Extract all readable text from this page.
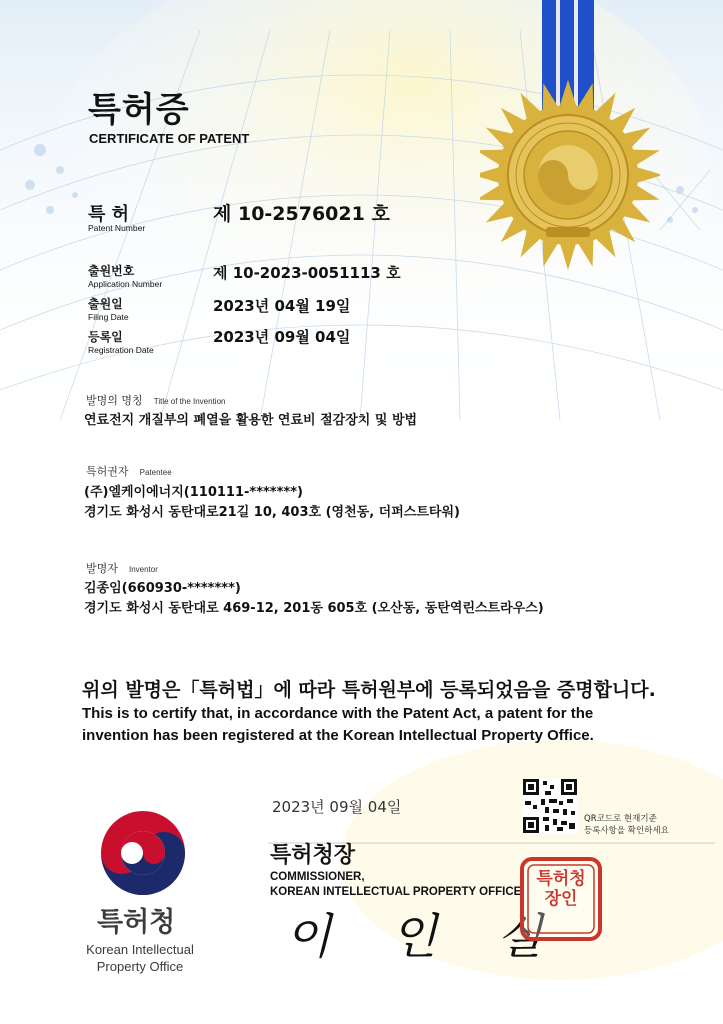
특허증
CERTIFICATE OF PATENT
특 허
Patent Number
제 10-2576021 호
출원번호
Application Number
제 10-2023-0051113 호
출원일
Filing Date
2023년 04월 19일
등록일
Registration Date
2023년 09월 04일
발명의 명칭 Title of the Invention
연료전지 개질부의 폐열을 활용한 연료비 절감장치 및 방법
특허권자 Patentee
(주)엘케이에너지(110111-*******)
경기도 화성시 동탄대로21길 10, 403호 (영천동, 더퍼스트타워)
발명자 Inventor
김종임(660930-*******)
경기도 화성시 동탄대로 469-12, 201동 605호 (오산동, 동탄역린스트라우스)
위의 발명은「특허법」에 따라 특허원부에 등록되었음을 증명합니다.
This is to certify that, in accordance with the Patent Act, a patent for the
invention has been registered at the Korean Intellectual Property Office.
2023년 09월 04일
QR코드로 현재기준
등록사항을 확인하세요
특허청장
COMMISSIONER,
KOREAN INTELLECTUAL PROPERTY OFFICE
이 인 실
특허청장인
특허청
Korean Intellectual
Property Office
